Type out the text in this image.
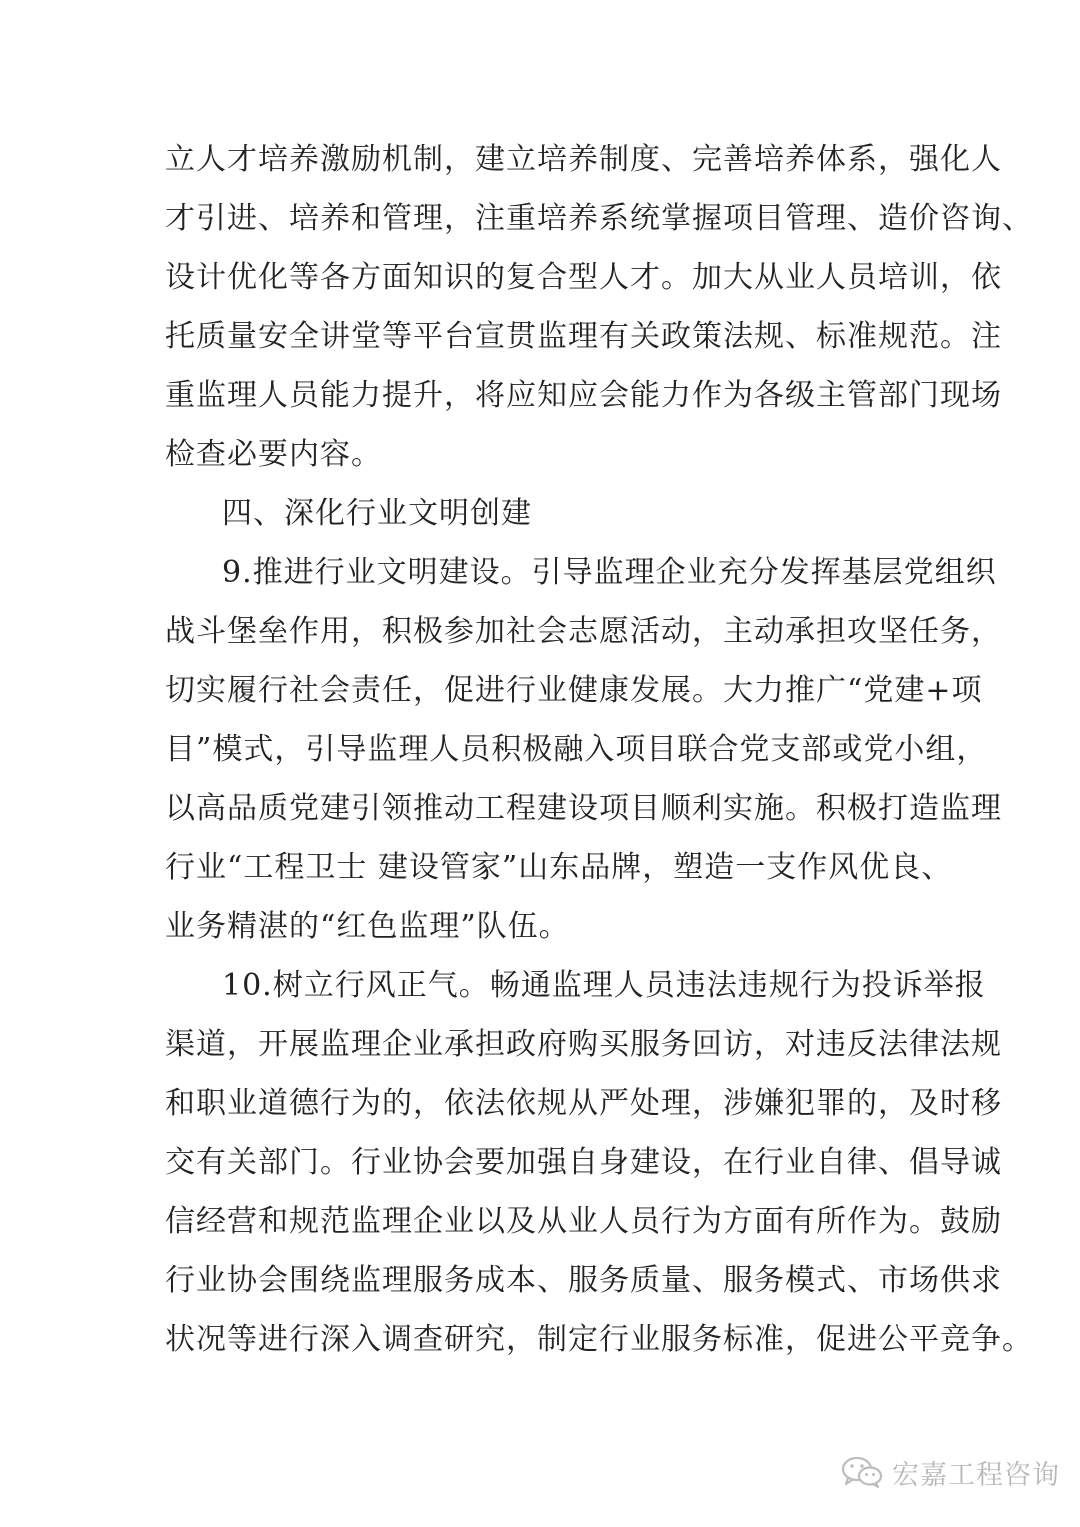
立人才培养激励机制，建立培养制度、完善培养体系，强化人
才引进、培养和管理，注重培养系统掌握项目管理、造价咨询、
设计优化等各方面知识的复合型人才。加大从业人员培训，依
托质量安全讲堂等平台宣贯监理有关政策法规、标准规范。注
重监理人员能力提升，将应知应会能力作为各级主管部门现场
检查必要内容。
四、深化行业文明创建
9.推进行业文明建设。引导监理企业充分发挥基层党组织
战斗堡垒作用，积极参加社会志愿活动，主动承担攻坚任务，
切实履行社会责任，促进行业健康发展。大力推广“党建+项
目”模式，引导监理人员积极融入项目联合党支部或党小组，
以高品质党建引领推动工程建设项目顺利实施。积极打造监理
行业“工程卫士 建设管家”山东品牌，塑造一支作风优良、
业务精湛的“红色监理”队伍。
10.树立行风正气。畅通监理人员违法违规行为投诉举报
渠道，开展监理企业承担政府购买服务回访，对违反法律法规
和职业道德行为的，依法依规从严处理，涉嫌犯罪的，及时移
交有关部门。行业协会要加强自身建设，在行业自律、倡导诚
信经营和规范监理企业以及从业人员行为方面有所作为。鼓励
行业协会围绕监理服务成本、服务质量、服务模式、市场供求
状况等进行深入调查研究，制定行业服务标准，促进公平竞争。
宏嘉工程咨询
